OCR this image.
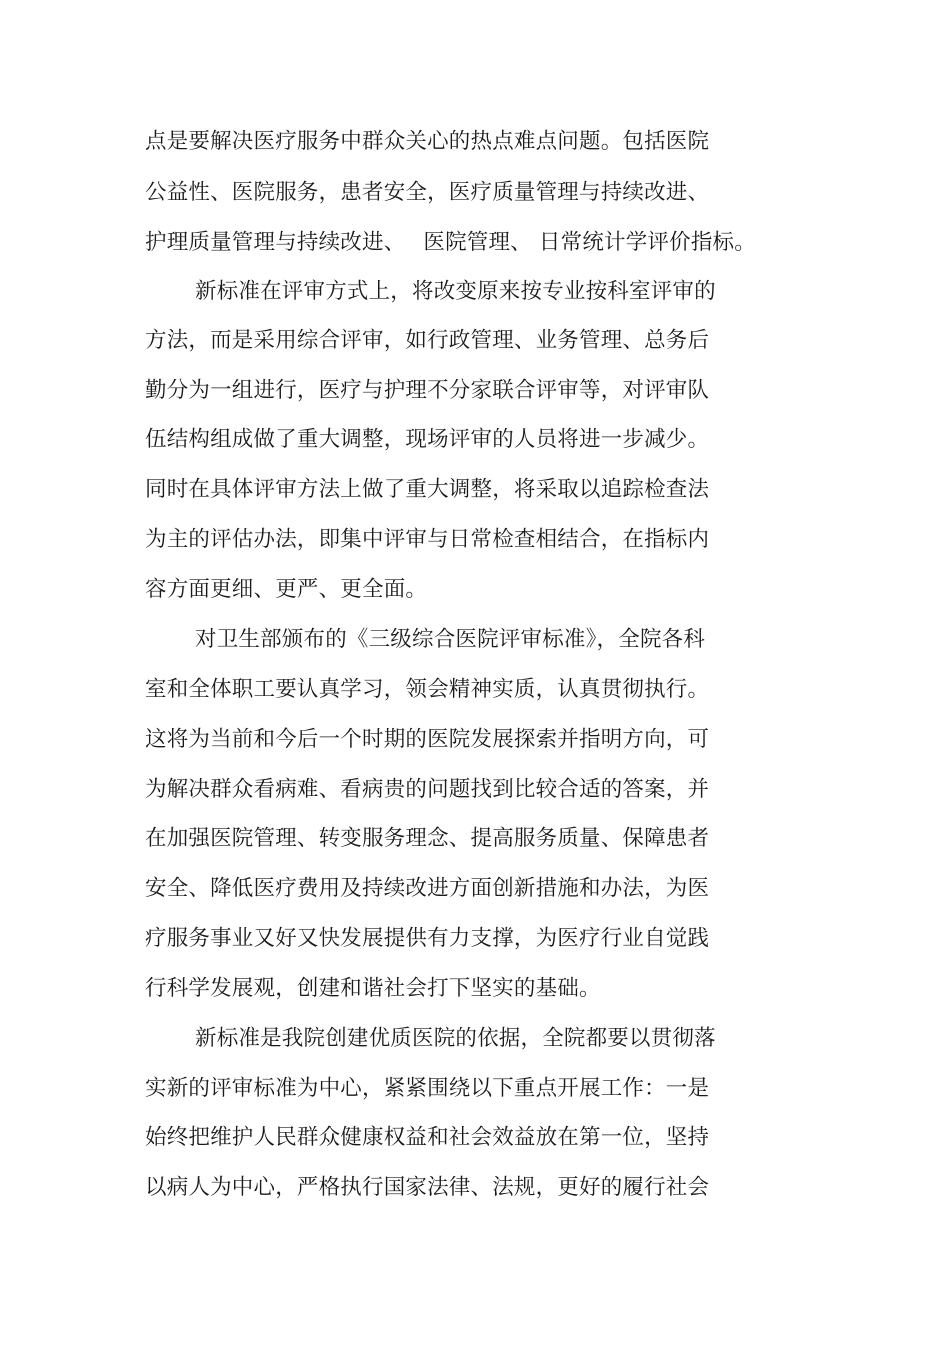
点是要解决医疗服务中群众关心的热点难点问题。包括医院
公益性、医院服务，患者安全，医疗质量管理与持续改进、
护理质量管理与持续改进、　 医院管理、 日常统计学评价指标。
新标准在评审方式上，将改变原来按专业按科室评审的
方法，而是采用综合评审，如行政管理、业务管理、总务后
勤分为一组进行，医疗与护理不分家联合评审等，对评审队
伍结构组成做了重大调整，现场评审的人员将进一步减少。
同时在具体评审方法上做了重大调整，将采取以追踪检查法
为主的评估办法，即集中评审与日常检查相结合，在指标内
容方面更细、更严、更全面。
对卫生部颁布的《三级综合医院评审标准》，全院各科
室和全体职工要认真学习，领会精神实质，认真贯彻执行。
这将为当前和今后一个时期的医院发展探索并指明方向，可
为解决群众看病难、看病贵的问题找到比较合适的答案，并
在加强医院管理、转变服务理念、提高服务质量、保障患者
安全、降低医疗费用及持续改进方面创新措施和办法，为医
疗服务事业又好又快发展提供有力支撑，为医疗行业自觉践
行科学发展观，创建和谐社会打下坚实的基础。
新标准是我院创建优质医院的依据，全院都要以贯彻落
实新的评审标准为中心，紧紧围绕以下重点开展工作：一是
始终把维护人民群众健康权益和社会效益放在第一位，坚持
以病人为中心，严格执行国家法律、法规，更好的履行社会
